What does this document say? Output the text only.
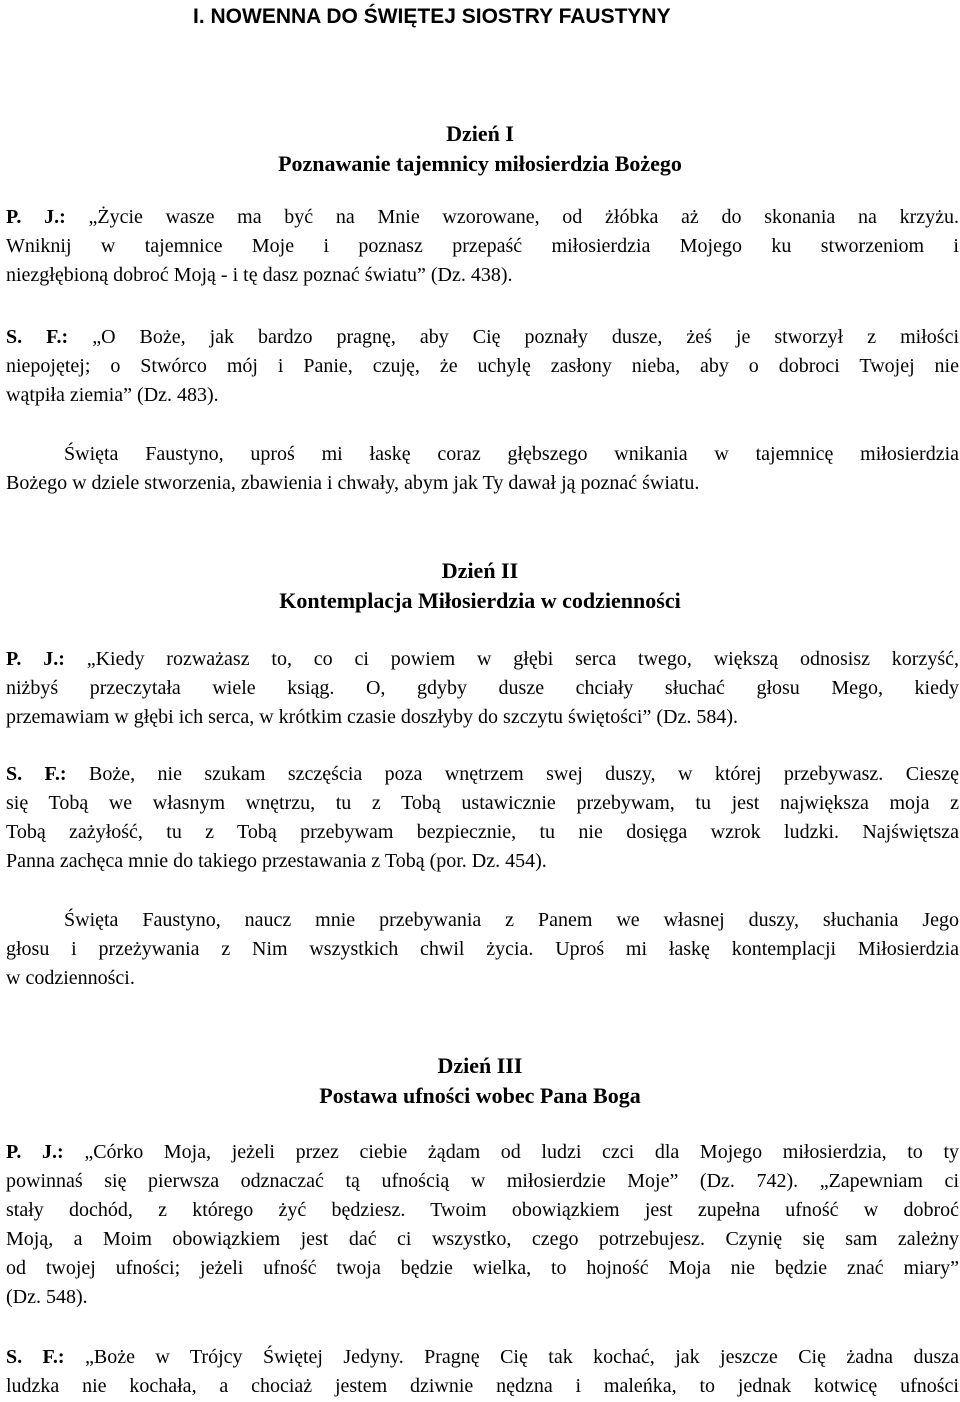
I. NOWENNA DO ŚWIĘTEJ SIOSTRY FAUSTYNY
Dzień I
Poznawanie tajemnicy miłosierdzia Bożego
P. J.: „Życie wasze ma być na Mnie wzorowane, od żłóbka aż do skonania na krzyżu.
Wniknij w tajemnice Moje i poznasz przepaść miłosierdzia Mojego ku stworzeniom i
niezgłębioną dobroć Moją - i tę dasz poznać światu” (Dz. 438).
S. F.: „O Boże, jak bardzo pragnę, aby Cię poznały dusze, żeś je stworzył z miłości
niepojętej; o Stwórco mój i Panie, czuję, że uchylę zasłony nieba, aby o dobroci Twojej nie
wątpiła ziemia” (Dz. 483).
Święta Faustyno, uproś mi łaskę coraz głębszego wnikania w tajemnicę miłosierdzia
Bożego w dziele stworzenia, zbawienia i chwały, abym jak Ty dawał ją poznać światu.
Dzień II
Kontemplacja Miłosierdzia w codzienności
P. J.: „Kiedy rozważasz to, co ci powiem w głębi serca twego, większą odnosisz korzyść,
niżbyś przeczytała wiele ksiąg. O, gdyby dusze chciały słuchać głosu Mego, kiedy
przemawiam w głębi ich serca, w krótkim czasie doszłyby do szczytu świętości” (Dz. 584).
S. F.: Boże, nie szukam szczęścia poza wnętrzem swej duszy, w której przebywasz. Cieszę
się Tobą we własnym wnętrzu, tu z Tobą ustawicznie przebywam, tu jest największa moja z
Tobą zażyłość, tu z Tobą przebywam bezpiecznie, tu nie dosięga wzrok ludzki. Najświętsza
Panna zachęca mnie do takiego przestawania z Tobą (por. Dz. 454).
Święta Faustyno, naucz mnie przebywania z Panem we własnej duszy, słuchania Jego
głosu i przeżywania z Nim wszystkich chwil życia. Uproś mi łaskę kontemplacji Miłosierdzia
w codzienności.
Dzień III
Postawa ufności wobec Pana Boga
P. J.: „Córko Moja, jeżeli przez ciebie żądam od ludzi czci dla Mojego miłosierdzia, to ty
powinnaś się pierwsza odznaczać tą ufnością w miłosierdzie Moje” (Dz. 742). „Zapewniam ci
stały dochód, z którego żyć będziesz. Twoim obowiązkiem jest zupełna ufność w dobroć
Moją, a Moim obowiązkiem jest dać ci wszystko, czego potrzebujesz. Czynię się sam zależny
od twojej ufności; jeżeli ufność twoja będzie wielka, to hojność Moja nie będzie znać miary”
(Dz. 548).
S. F.: „Boże w Trójcy Świętej Jedyny. Pragnę Cię tak kochać, jak jeszcze Cię żadna dusza
ludzka nie kochała, a chociaż jestem dziwnie nędzna i maleńka, to jednak kotwicę ufności
